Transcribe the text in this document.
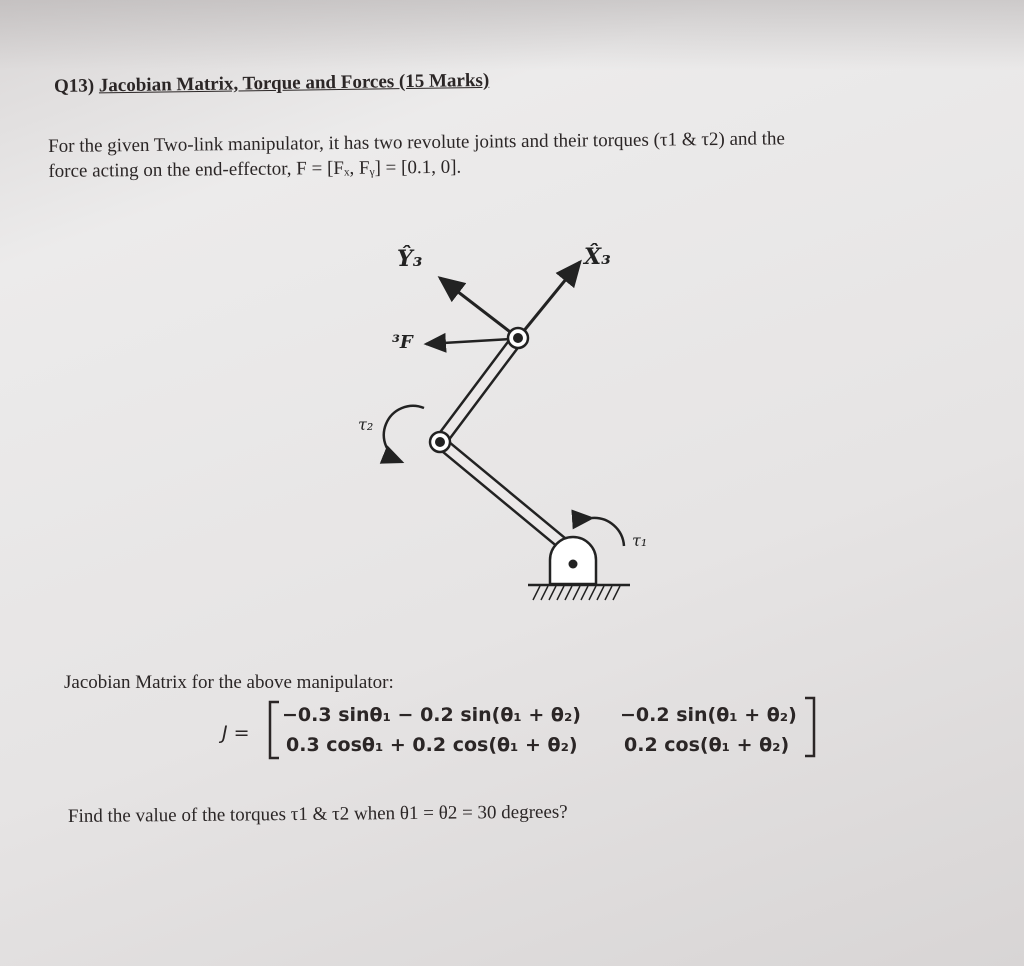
Q13) Jacobian Matrix, Torque and Forces (15 Marks)
For the given Two-link manipulator, it has two revolute joints and their torques (τ1 & τ2) and the
force acting on the end-effector, F = [Fₓ, Fᵧ] = [0.1, 0].
Ŷ₃	X̂₃
³F
τ₂
τ₁
Jacobian Matrix for the above manipulator:
J =
−0.3 sinθ₁ − 0.2 sin(θ₁ + θ₂) −0.2 sin(θ₁ + θ₂)
0.3 cosθ₁ + 0.2 cos(θ₁ + θ₂) 0.2 cos(θ₁ + θ₂)
Find the value of the torques τ1 & τ2 when θ1 = θ2 = 30 degrees?
